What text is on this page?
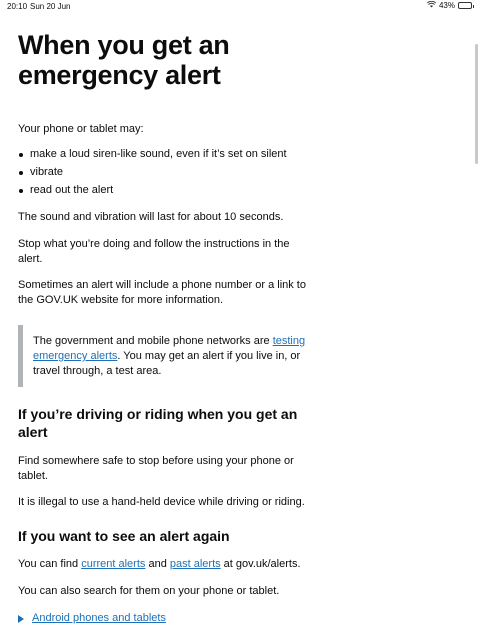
20:10 Sun 20 Jun	43%
When you get an emergency alert

Your phone or tablet may:

make a loud siren-like sound, even if it’s set on silent
vibrate
read out the alert

The sound and vibration will last for about 10 seconds.

Stop what you’re doing and follow the instructions in the alert.

Sometimes an alert will include a phone number or a link to the GOV.UK website for more information.

The government and mobile phone networks are testing emergency alerts. You may get an alert if you live in, or travel through, a test area.
If you’re driving or riding when you get an alert

Find somewhere safe to stop before using your phone or tablet.

It is illegal to use a hand-held device while driving or riding.

If you want to see an alert again

You can find current alerts and past alerts at gov.uk/alerts.

You can also search for them on your phone or tablet.

Android phones and tablets
